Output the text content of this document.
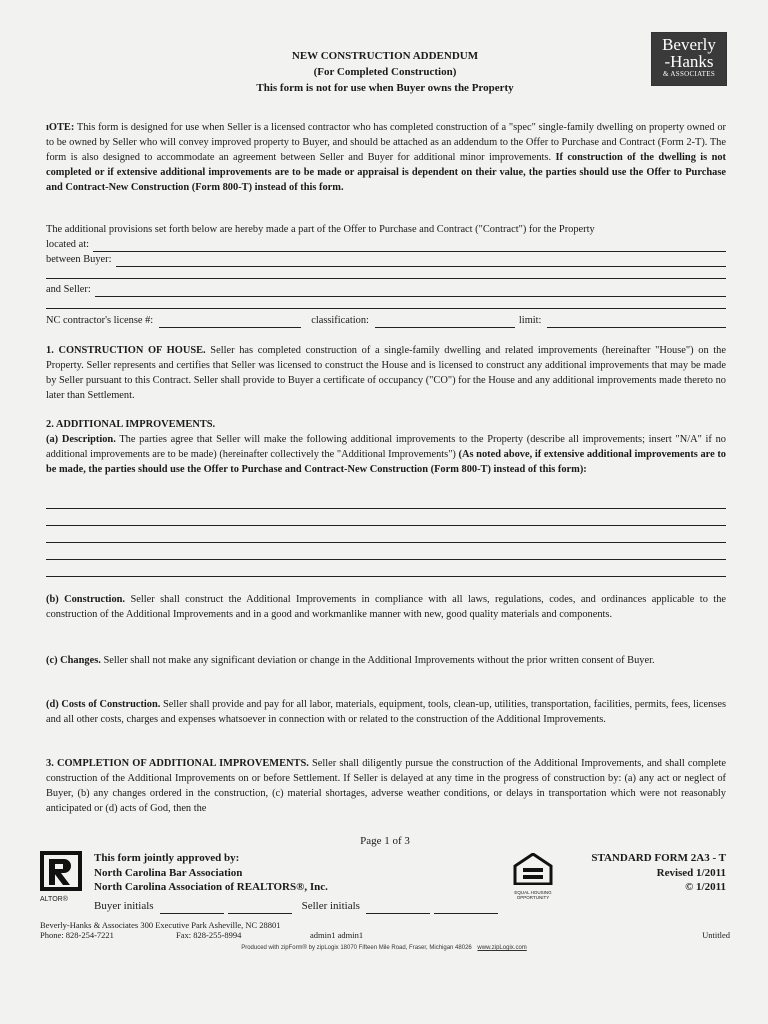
NEW CONSTRUCTION ADDENDUM
(For Completed Construction)
This form is not for use when Buyer owns the Property
Beverly
-Hanks
& ASSOCIATES
ıOTE: This form is designed for use when Seller is a licensed contractor who has completed construction of a "spec" single-family dwelling on property owned or to be owned by Seller who will convey improved property to Buyer, and should be attached as an addendum to the Offer to Purchase and Contract (Form 2-T). The form is also designed to accommodate an agreement between Seller and Buyer for additional minor improvements. If construction of the dwelling is not completed or if extensive additional improvements are to be made or appraisal is dependent on their value, the parties should use the Offer to Purchase and Contract-New Construction (Form 800-T) instead of this form.
The additional provisions set forth below are hereby made a part of the Offer to Purchase and Contract ("Contract") for the Property
located at:
between Buyer:
and Seller:
NC contractor's license #:	classification:	limit:
1. CONSTRUCTION OF HOUSE. Seller has completed construction of a single-family dwelling and related improvements (hereinafter "House") on the Property. Seller represents and certifies that Seller was licensed to construct the House and is licensed to construct any additional improvements that may be made by Seller pursuant to this Contract. Seller shall provide to Buyer a certificate of occupancy ("CO") for the House and any additional improvements made thereto no later than Settlement.
2. ADDITIONAL IMPROVEMENTS.
(a) Description. The parties agree that Seller will make the following additional improvements to the Property (describe all improvements; insert "N/A" if no additional improvements are to be made) (hereinafter collectively the "Additional Improvements") (As noted above, if extensive additional improvements are to be made, the parties should use the Offer to Purchase and Contract-New Construction (Form 800-T) instead of this form):
(b) Construction. Seller shall construct the Additional Improvements in compliance with all laws, regulations, codes, and ordinances applicable to the construction of the Additional Improvements and in a good and workmanlike manner with new, good quality materials and components.
(c) Changes. Seller shall not make any significant deviation or change in the Additional Improvements without the prior written consent of Buyer.
(d) Costs of Construction. Seller shall provide and pay for all labor, materials, equipment, tools, clean-up, utilities, transportation, facilities, permits, fees, licenses and all other costs, charges and expenses whatsoever in connection with or related to the construction of the Additional Improvements.
3. COMPLETION OF ADDITIONAL IMPROVEMENTS. Seller shall diligently pursue the construction of the Additional Improvements, and shall complete construction of the Additional Improvements on or before Settlement. If Seller is delayed at any time in the progress of construction by: (a) any act or neglect of Buyer, (b) any changes ordered in the construction, (c) material shortages, adverse weather conditions, or delays in transportation which were not reasonably anticipated or (d) acts of God, then the
Page 1 of 3
ALTOR®
This form jointly approved by:
North Carolina Bar Association
North Carolina Association of REALTORS®, Inc.	EQUAL HOUSING OPPORTUNITY
STANDARD FORM 2A3 - T
Revised 1/2011
© 1/2011
Buyer initials	Seller initials
Beverly-Hanks & Associates 300 Executive Park Asheville, NC 28801
Phone: 828-254-7221	Fax: 828-255-8994	admin1 admin1	Untitled
Produced with zipForm® by zipLogix 18070 Fifteen Mile Road, Fraser, Michigan 48026 www.zipLogix.com
